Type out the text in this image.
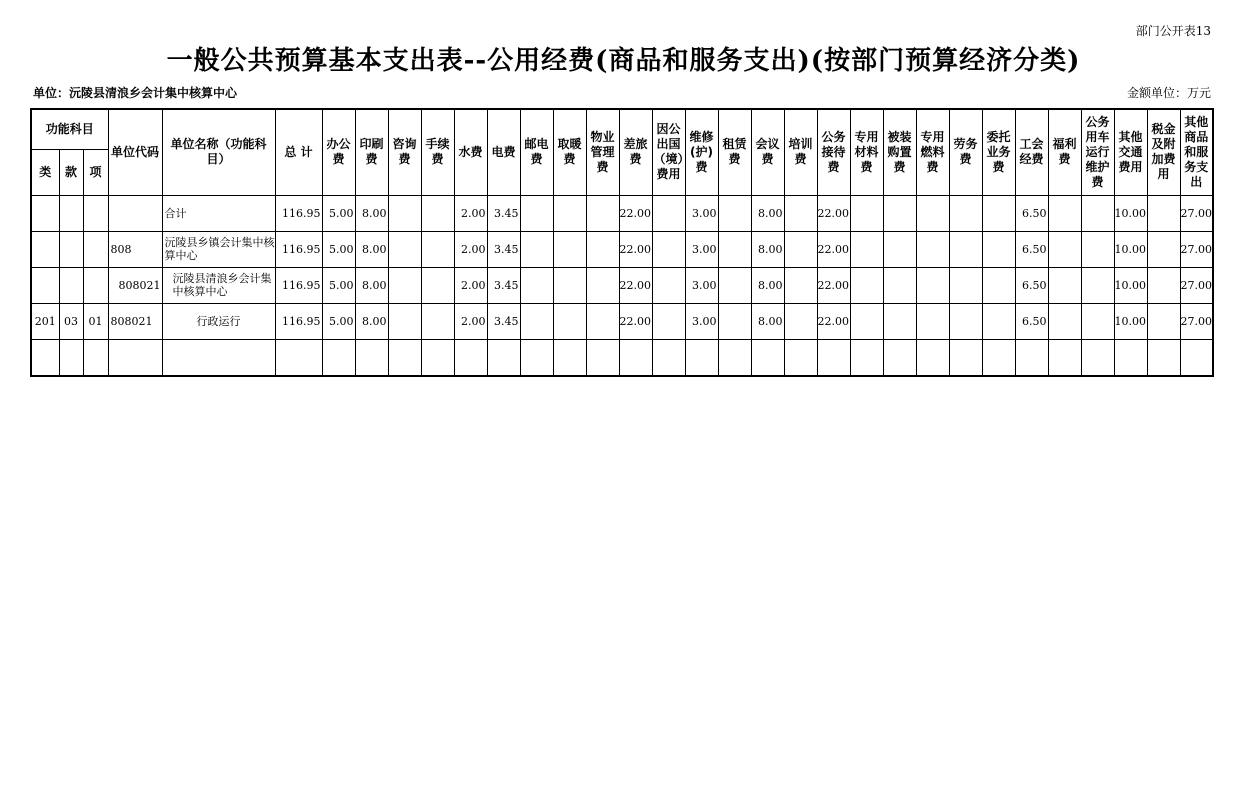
部门公开表13
一般公共预算基本支出表--公用经费(商品和服务支出)(按部门预算经济分类)
单位：沅陵县清浪乡会计集中核算中心	金额单位：万元
功能科目			单位代码	单位名称（功能科目）	总 计	办公费	印刷费	咨询费	手续费	水费	电费	邮电费	取暖费	物业管理费	差旅费	因公出国（境）费用	维修(护)费	租赁费	会议费	培训费	公务接待费	专用材料费	被装购置费	专用燃料费	劳务费	委托业务费	工会经费	福利费	公务用车运行维护费	其他交通费用	税金及附加费用	其他商品和服务支出
类	款	项																														
				合计	116.95	5.00	8.00			2.00	3.45				22.00		3.00		8.00		22.00						6.50			10.00		27.00
			808	沅陵县乡镇会计集中核算中心	116.95	5.00	8.00			2.00	3.45				22.00		3.00		8.00		22.00						6.50			10.00		27.00
			808021	沅陵县清浪乡会计集中核算中心	116.95	5.00	8.00			2.00	3.45				22.00		3.00		8.00		22.00						6.50			10.00		27.00
201	03	01	808021	行政运行	116.95	5.00	8.00			2.00	3.45				22.00		3.00		8.00		22.00						6.50			10.00		27.00
